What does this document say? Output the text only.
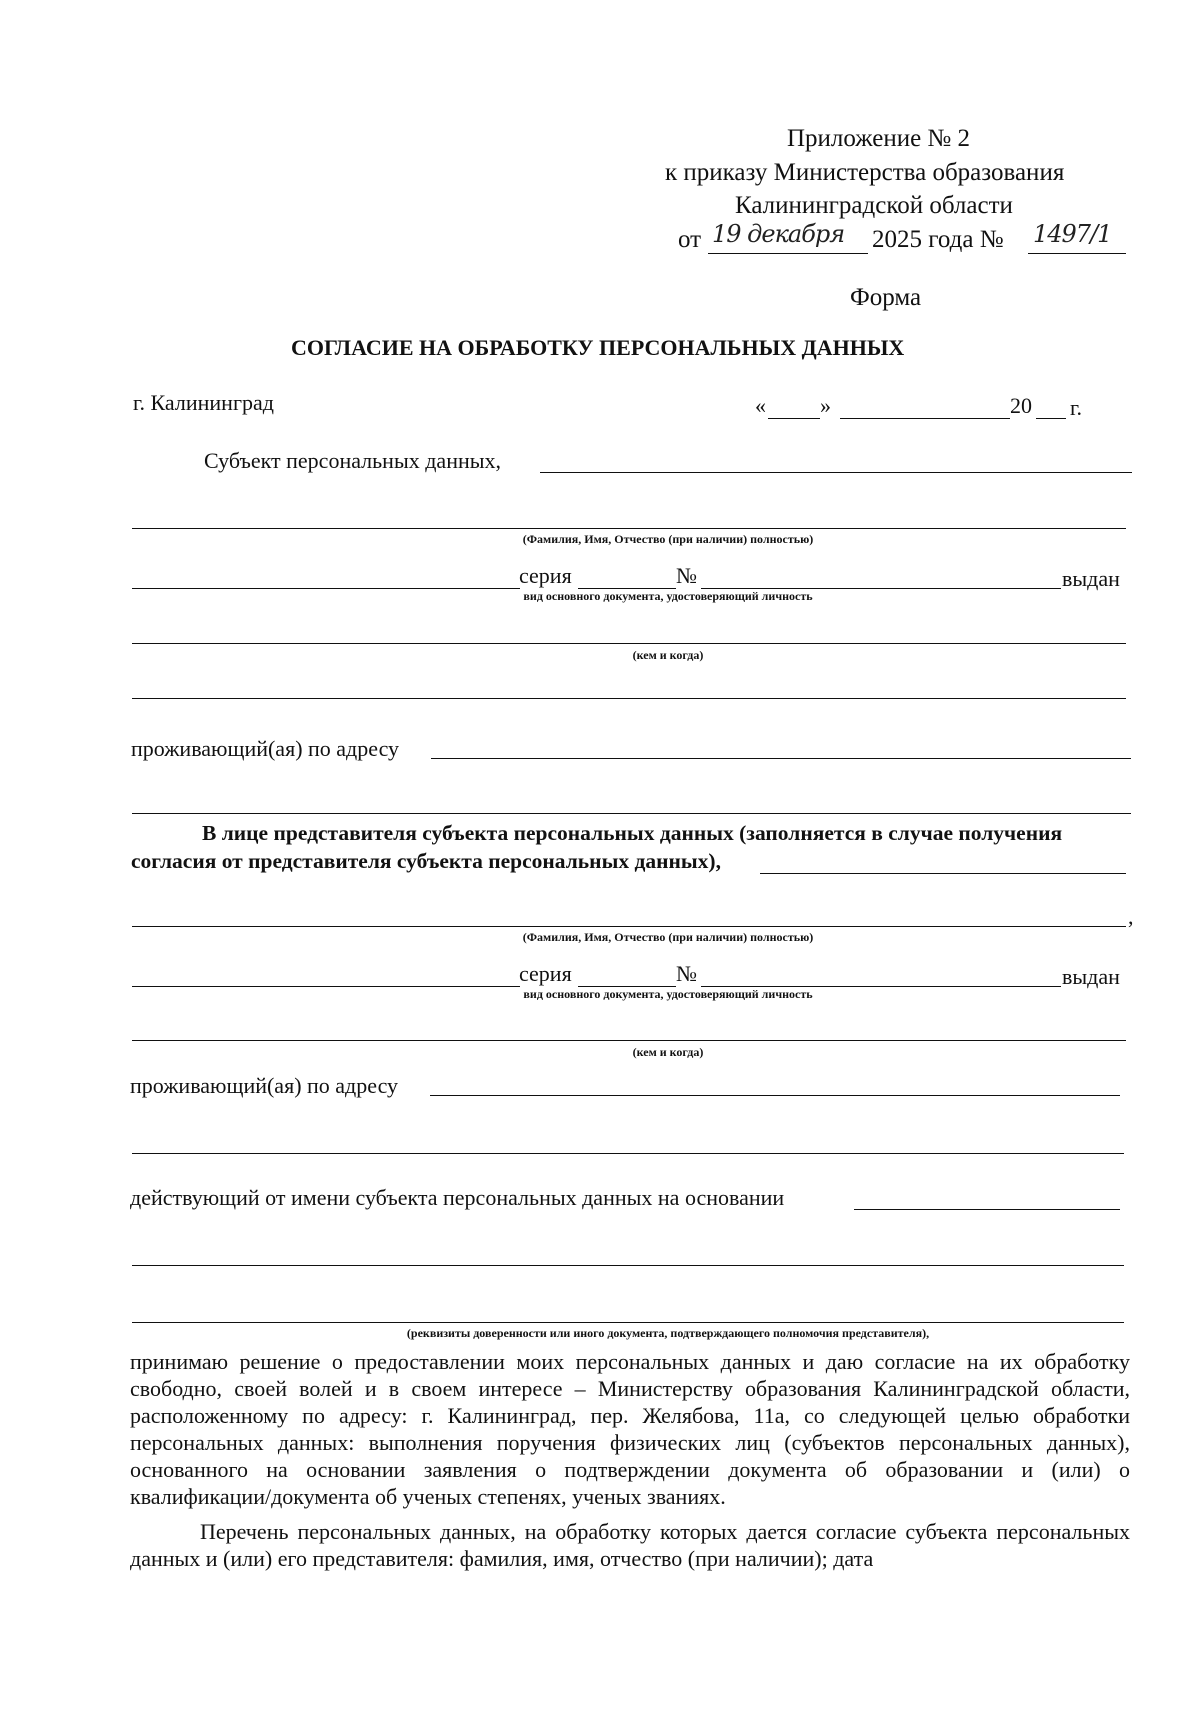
Приложение № 2
к приказу Министерства образования
Калининградской области
от 19 декабря 2025 года № 1497/1
Форма
СОГЛАСИЕ НА ОБРАБОТКУ ПЕРСОНАЛЬНЫХ ДАННЫХ
г. Калининград	« »	20 г.
Субъект персональных данных,
(Фамилия, Имя, Отчество (при наличии) полностью)
серия	№	выдан
вид основного документа, удостоверяющий личность
(кем и когда)
проживающий(ая) по адресу
В лице представителя субъекта персональных данных (заполняется в случае получения
согласия от представителя субъекта персональных данных),
,
(Фамилия, Имя, Отчество (при наличии) полностью)
серия	№	выдан
вид основного документа, удостоверяющий личность
(кем и когда)
проживающий(ая) по адресу
действующий от имени субъекта персональных данных на основании
(реквизиты доверенности или иного документа, подтверждающего полномочия представителя),

принимаю решение о предоставлении моих персональных данных и даю согласие на их обработку свободно, своей волей и в своем интересе – Министерству образования Калининградской области, расположенному по адресу: г. Калининград, пер. Желябова, 11а, со следующей целью обработки персональных данных: выполнения поручения физических лиц (субъектов персональных данных), основанного на основании заявления о подтверждении документа об образовании и (или) о квалификации/документа об ученых степенях, ученых званиях.

Перечень персональных данных, на обработку которых дается согласие субъекта персональных данных и (или) его представителя: фамилия, имя, отчество (при наличии); дата
